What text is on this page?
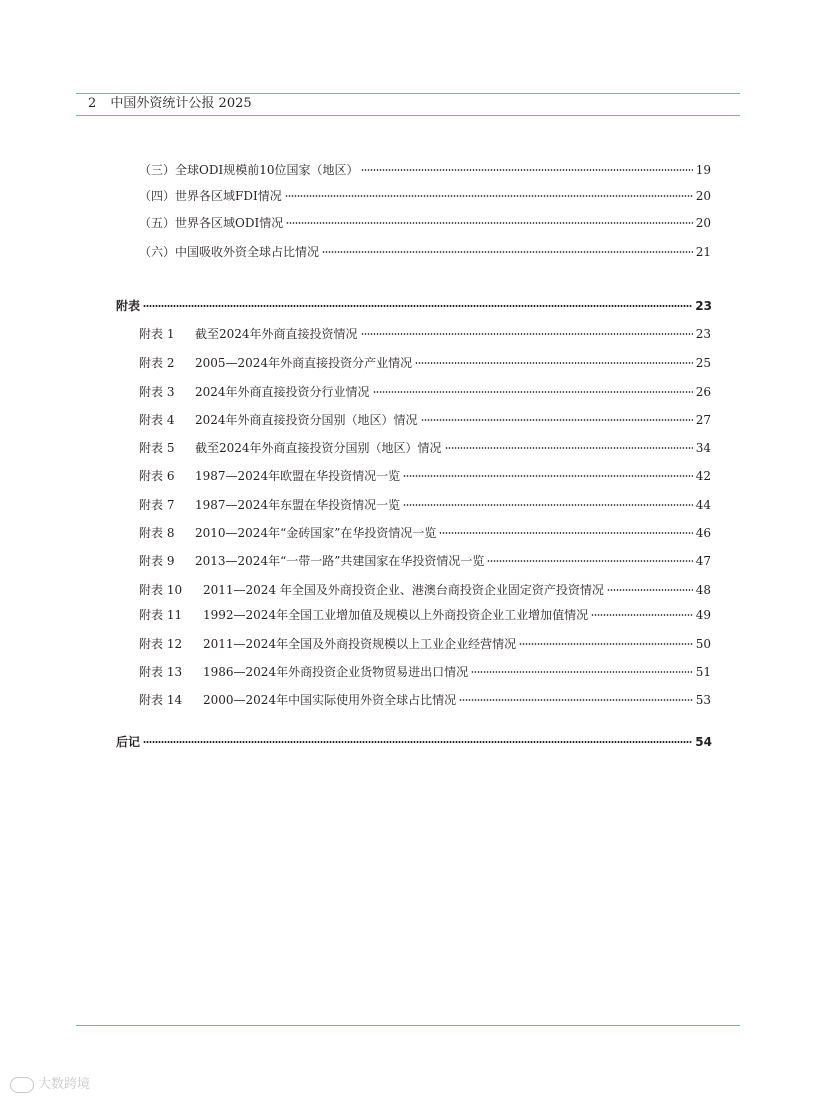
2 中国外资统计公报 2025
（三）全球ODI规模前10位国家（地区）	19
（四）世界各区域FDI情况	20
（五）世界各区域ODI情况	20
（六）中国吸收外资全球占比情况	21
附表	23
附表 1 截至2024年外商直接投资情况	23
附表 2 2005—2024年外商直接投资分产业情况	25
附表 3 2024年外商直接投资分行业情况	26
附表 4 2024年外商直接投资分国别（地区）情况	27
附表 5 截至2024年外商直接投资分国别（地区）情况	34
附表 6 1987—2024年欧盟在华投资情况一览	42
附表 7 1987—2024年东盟在华投资情况一览	44
附表 8 2010—2024年“金砖国家”在华投资情况一览	46
附表 9 2013—2024年“一带一路”共建国家在华投资情况一览	47
附表 10 2011—2024 年全国及外商投资企业、港澳台商投资企业固定资产投资情况	48
附表 11 1992—2024年全国工业增加值及规模以上外商投资企业工业增加值情况	49
附表 12 2011—2024年全国及外商投资规模以上工业企业经营情况	50
附表 13 1986—2024年外商投资企业货物贸易进出口情况	51
附表 14 2000—2024年中国实际使用外资全球占比情况	53
后记	54
大数跨境
